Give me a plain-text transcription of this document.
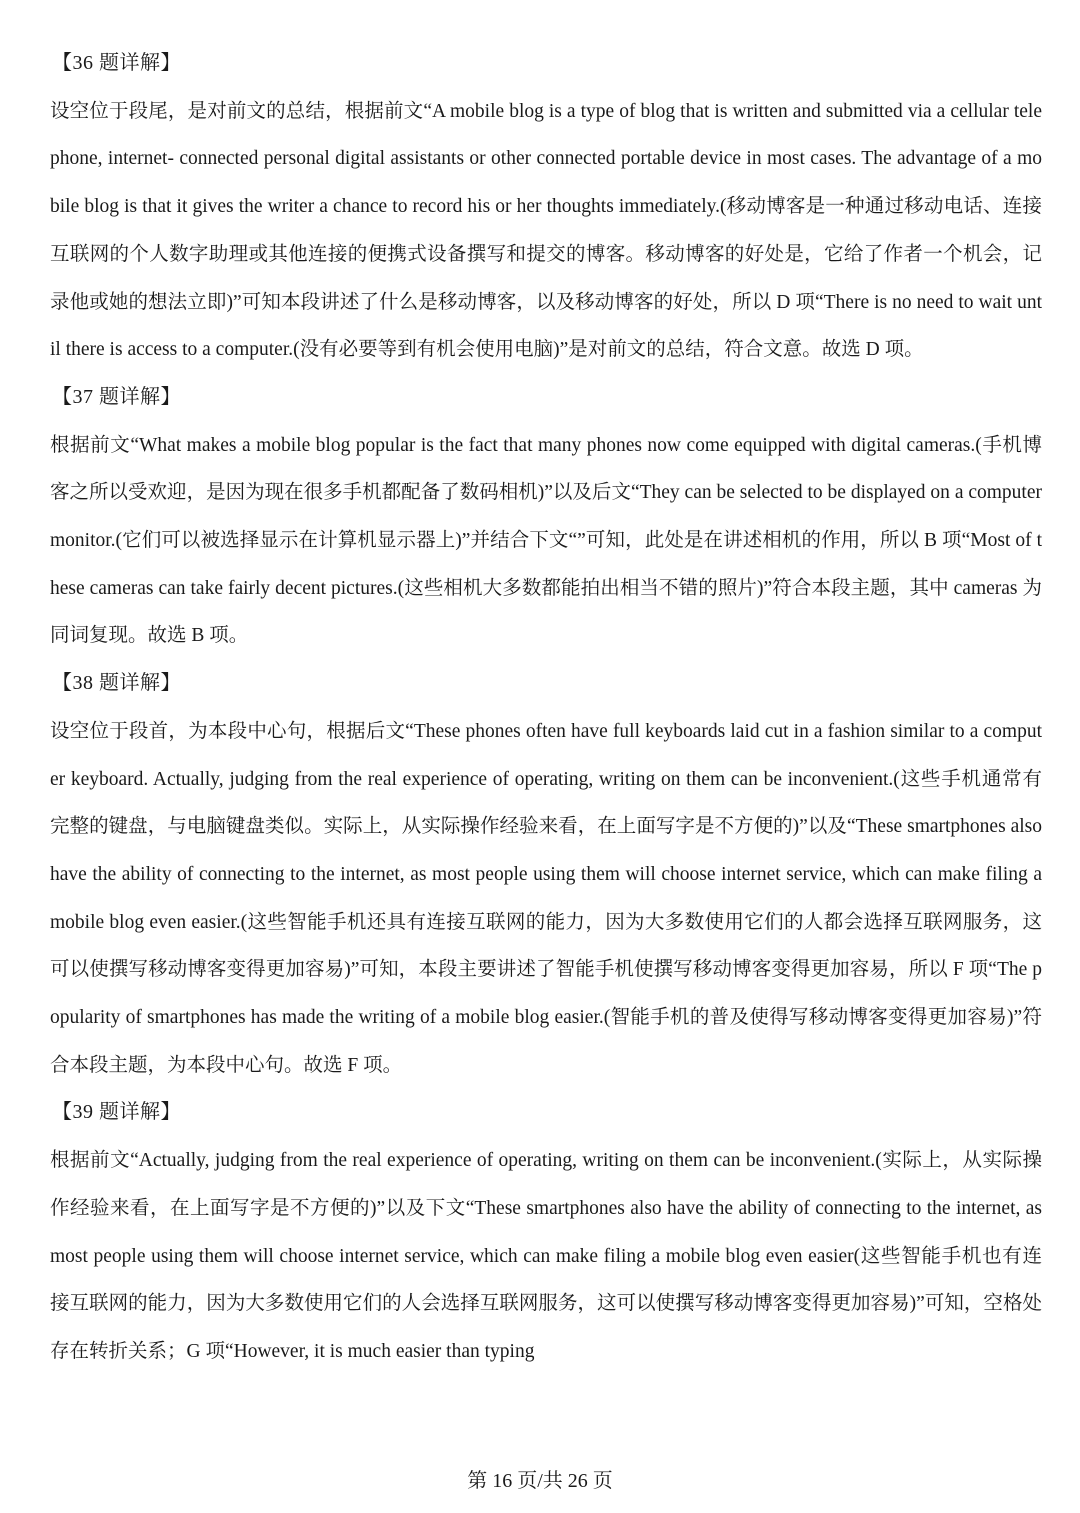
【36 题详解】

设空位于段尾，是对前文的总结，根据前文“A mobile blog is a type of blog that is written and submitted via a cellular telephone, internet- connected personal digital assistants or other connected portable device in most cases. The advantage of a mobile blog is that it gives the writer a chance to record his or her thoughts immediately.(移动博客是一种通过移动电话、连接互联网的个人数字助理或其他连接的便携式设备撰写和提交的博客。移动博客的好处是，它给了作者一个机会，记录他或她的想法立即)”可知本段讲述了什么是移动博客，以及移动博客的好处，所以 D 项“There is no need to wait until there is access to a computer.(没有必要等到有机会使用电脑)”是对前文的总结，符合文意。故选 D 项。

【37 题详解】

根据前文“What makes a mobile blog popular is the fact that many phones now come equipped with digital cameras.(手机博客之所以受欢迎，是因为现在很多手机都配备了数码相机)”以及后文“They can be selected to be displayed on a computer monitor.(它们可以被选择显示在计算机显示器上)”并结合下文“”可知，此处是在讲述相机的作用，所以 B 项“Most of these cameras can take fairly decent pictures.(这些相机大多数都能拍出相当不错的照片)”符合本段主题，其中 cameras 为同词复现。故选 B 项。

【38 题详解】

设空位于段首，为本段中心句，根据后文“These phones often have full keyboards laid cut in a fashion similar to a computer keyboard. Actually, judging from the real experience of operating, writing on them can be inconvenient.(这些手机通常有完整的键盘，与电脑键盘类似。实际上，从实际操作经验来看，在上面写字是不方便的)”以及“These smartphones also have the ability of connecting to the internet, as most people using them will choose internet service, which can make filing a mobile blog even easier.(这些智能手机还具有连接互联网的能力，因为大多数使用它们的人都会选择互联网服务，这可以使撰写移动博客变得更加容易)”可知，本段主要讲述了智能手机使撰写移动博客变得更加容易，所以 F 项“The popularity of smartphones has made the writing of a mobile blog easier.(智能手机的普及使得写移动博客变得更加容易)”符合本段主题，为本段中心句。故选 F 项。

【39 题详解】

根据前文“Actually, judging from the real experience of operating, writing on them can be inconvenient.(实际上，从实际操作经验来看，在上面写字是不方便的)”以及下文“These smartphones also have the ability of connecting to the internet, as most people using them will choose internet service, which can make filing a mobile blog even easier(这些智能手机也有连接互联网的能力，因为大多数使用它们的人会选择互联网服务，这可以使撰写移动博客变得更加容易)”可知，空格处存在转折关系；G 项“However, it is much easier than typing

第 16 页/共 26 页
